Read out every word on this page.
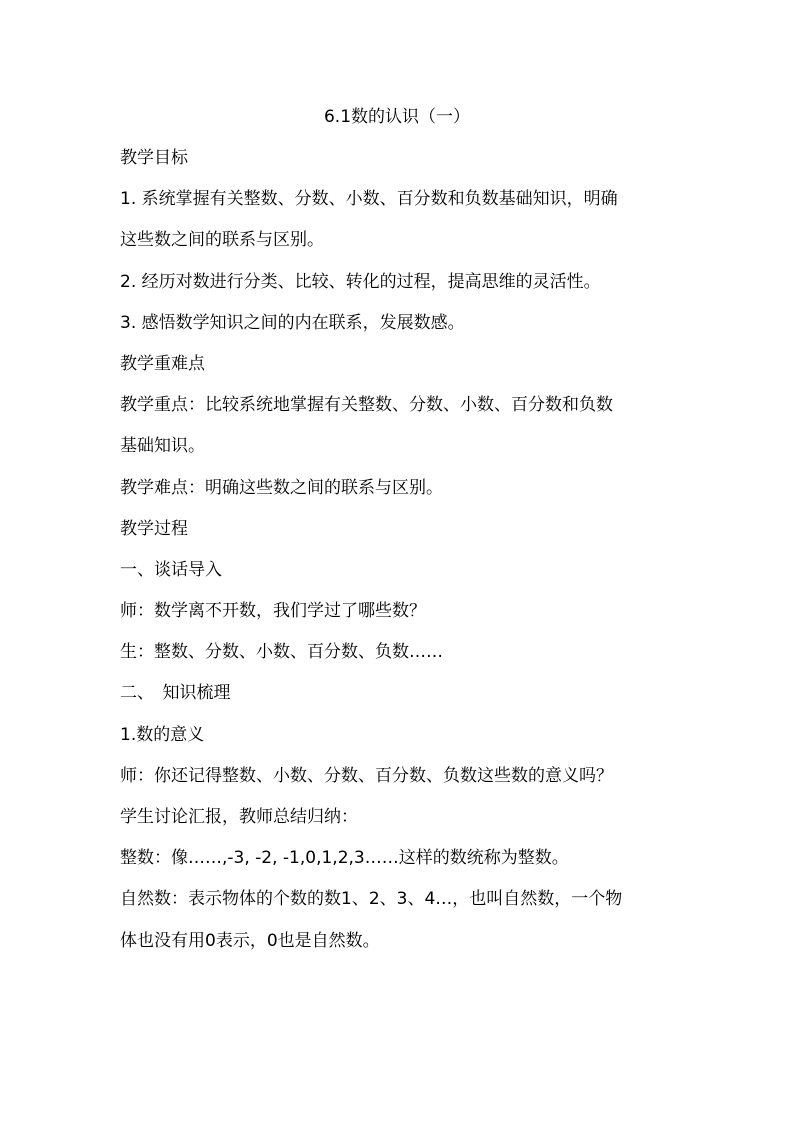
6.1数的认识（一）
教学目标
1. 系统掌握有关整数、分数、小数、百分数和负数基础知识，明确
这些数之间的联系与区别。
2. 经历对数进行分类、比较、转化的过程，提高思维的灵活性。
3. 感悟数学知识之间的内在联系，发展数感。
教学重难点
教学重点：比较系统地掌握有关整数、分数、小数、百分数和负数
基础知识。
教学难点：明确这些数之间的联系与区别。
教学过程
一、谈话导入
师：数学离不开数，我们学过了哪些数？
生：整数、分数、小数、百分数、负数……
二、　知识梳理
1.数的意义
师：你还记得整数、小数、分数、百分数、负数这些数的意义吗？
学生讨论汇报，教师总结归纳：
整数：像……,-3, -2, -1,0,1,2,3……这样的数统称为整数。
自然数：表示物体的个数的数1、2、3、4…，也叫自然数，一个物
体也没有用0表示，0也是自然数。
